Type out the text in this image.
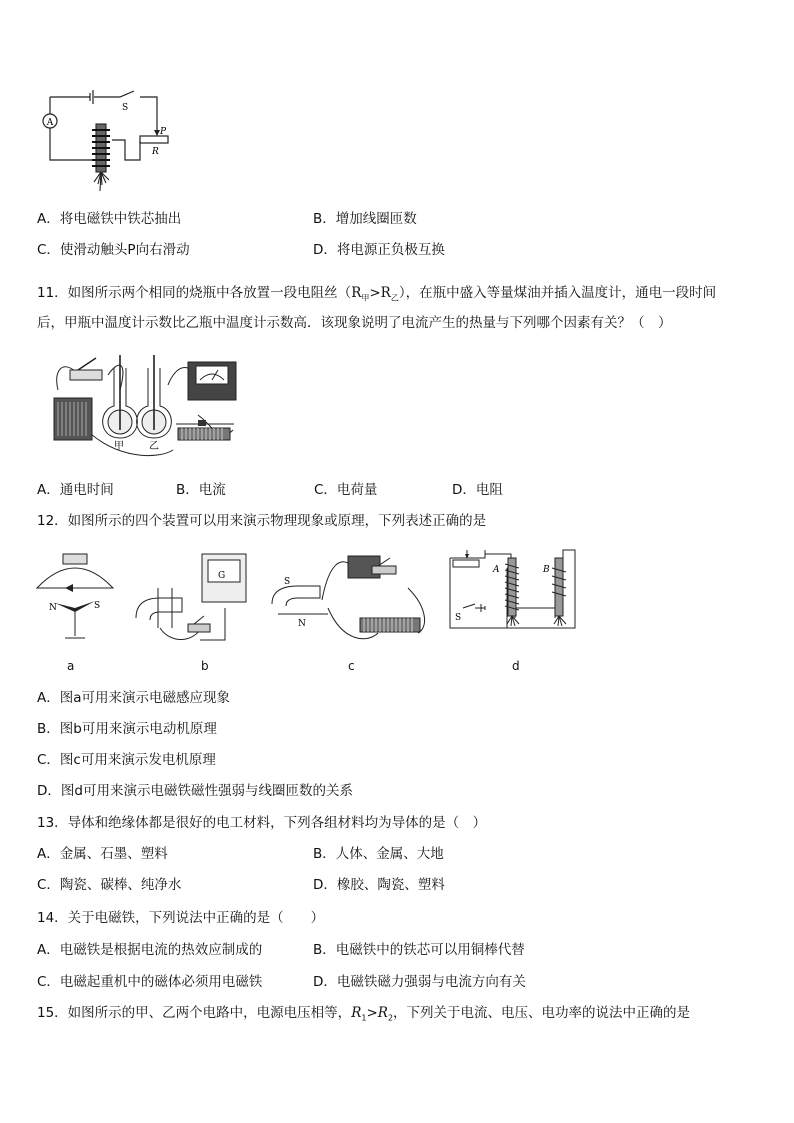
A
S
P
R
A．将电磁铁中铁芯抽出	B．增加线圈匝数
C．使滑动触头P向右滑动	D．将电源正负极互换
11．如图所示两个相同的烧瓶中各放置一段电阻丝$(R_甲>R_乙)$，在瓶中盛入等量煤油并插入温度计，通电一段时间
后，甲瓶中温度计示数比乙瓶中温度计示数高．该现象说明了电流产生的热量与下列哪个因素有关？（　）
甲	乙
A．通电时间	B．电流	C．电荷量	D．电阻
12．如图所示的四个装置可以用来演示物理现象或原理，下列表述正确的是
N	S
a
G
b
S
N
c
A	B
S
d
A．图a可用来演示电磁感应现象
B．图b可用来演示电动机原理
C．图c可用来演示发电机原理
D．图d可用来演示电磁铁磁性强弱与线圈匝数的关系
13．导体和绝缘体都是很好的电工材料，下列各组材料均为导体的是（　）
A．金属、石墨、塑料	B．人体、金属、大地
C．陶瓷、碳棒、纯净水	D．橡胶、陶瓷、塑料
14．关于电磁铁，下列说法中正确的是（　　）
A．电磁铁是根据电流的热效应制成的	B．电磁铁中的铁芯可以用铜棒代替
C．电磁起重机中的磁体必须用电磁铁	D．电磁铁磁力强弱与电流方向有关
15．如图所示的甲、乙两个电路中，电源电压相等，$R_1>R_2$，下列关于电流、电压、电功率的说法中正确的是
